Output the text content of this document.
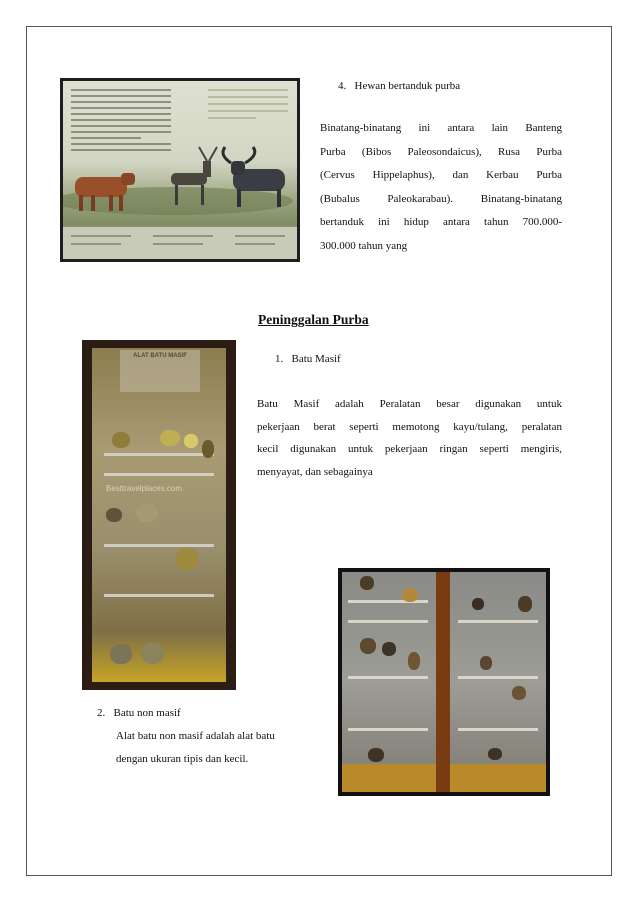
4. Hewan bertanduk purba
Binatang-binatang ini antara lain Banteng
Purba (Bibos Paleosondaicus), Rusa Purba
(Cervus Hippelaphus), dan Kerbau Purba
(Bubalus Paleokarabau). Binatang-binatang
bertanduk ini hidup antara tahun 700.000-
300.000 tahun yang
Peninggalan Purba
ALAT BATU MASIF
Besttravelplaces.com
1. Batu Masif
Batu Masif adalah Peralatan besar digunakan untuk
pekerjaan berat seperti memotong kayu/tulang, peralatan
kecil digunakan untuk pekerjaan ringan seperti mengiris,
menyayat, dan sebagainya
2. Batu non masif
Alat batu non masif adalah alat batu
dengan ukuran tipis dan kecil.
